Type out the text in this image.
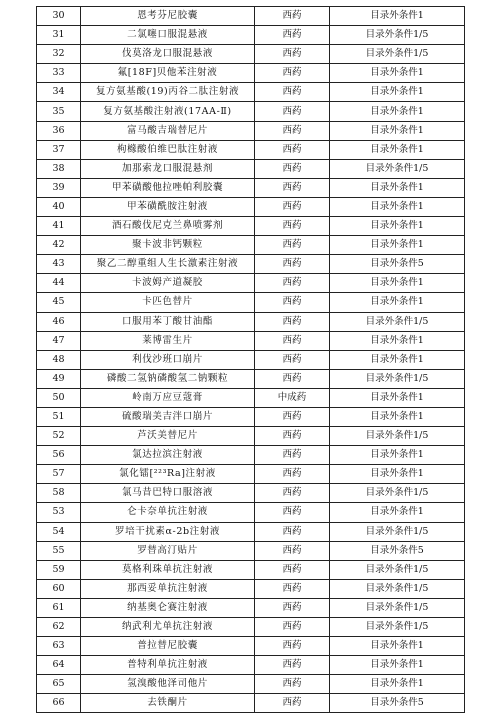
30	恩考芬尼胶囊	西药	目录外条件1
31	二氯噻口服混悬液	西药	目录外条件1/5
32	伐莫洛龙口服混悬液	西药	目录外条件1/5
33	氟[18F]贝他苯注射液	西药	目录外条件1
34	复方氨基酸(19)丙谷二肽注射液	西药	目录外条件1
35	复方氨基酸注射液(17AA-Ⅱ)	西药	目录外条件1
36	富马酸吉瑞替尼片	西药	目录外条件1
37	枸橼酸伯维巴肽注射液	西药	目录外条件1
38	加那索龙口服混悬剂	西药	目录外条件1/5
39	甲苯磺酸他拉唑帕利胶囊	西药	目录外条件1
40	甲苯磺酰胺注射液	西药	目录外条件1
41	酒石酸伐尼克兰鼻喷雾剂	西药	目录外条件1
42	聚卡波非钙颗粒	西药	目录外条件1
43	聚乙二醇重组人生长激素注射液	西药	目录外条件5
44	卡波姆产道凝胶	西药	目录外条件1
45	卡匹色替片	西药	目录外条件1
46	口服用苯丁酸甘油酯	西药	目录外条件1/5
47	莱博雷生片	西药	目录外条件1
48	利伐沙班口崩片	西药	目录外条件1
49	磷酸二氢钠磷酸氢二钠颗粒	西药	目录外条件1/5
50	岭南万应豆蔻膏	中成药	目录外条件1
51	硫酸瑞美吉泮口崩片	西药	目录外条件1
52	芦沃美替尼片	西药	目录外条件1/5
56	氯达拉滨注射液	西药	目录外条件1
57	氯化镭[²²³Ra]注射液	西药	目录外条件1
58	氯马昔巴特口服溶液	西药	目录外条件1/5
53	仑卡奈单抗注射液	西药	目录外条件1
54	罗培干扰素α-2b注射液	西药	目录外条件1/5
55	罗替高汀贴片	西药	目录外条件5
59	莫格利珠单抗注射液	西药	目录外条件1/5
60	那西妥单抗注射液	西药	目录外条件1/5
61	纳基奥仑赛注射液	西药	目录外条件1/5
62	纳武利尤单抗注射液	西药	目录外条件1/5
63	普拉替尼胶囊	西药	目录外条件1
64	普特利单抗注射液	西药	目录外条件1
65	氢溴酸他泽司他片	西药	目录外条件1
66	去铁酮片	西药	目录外条件5
